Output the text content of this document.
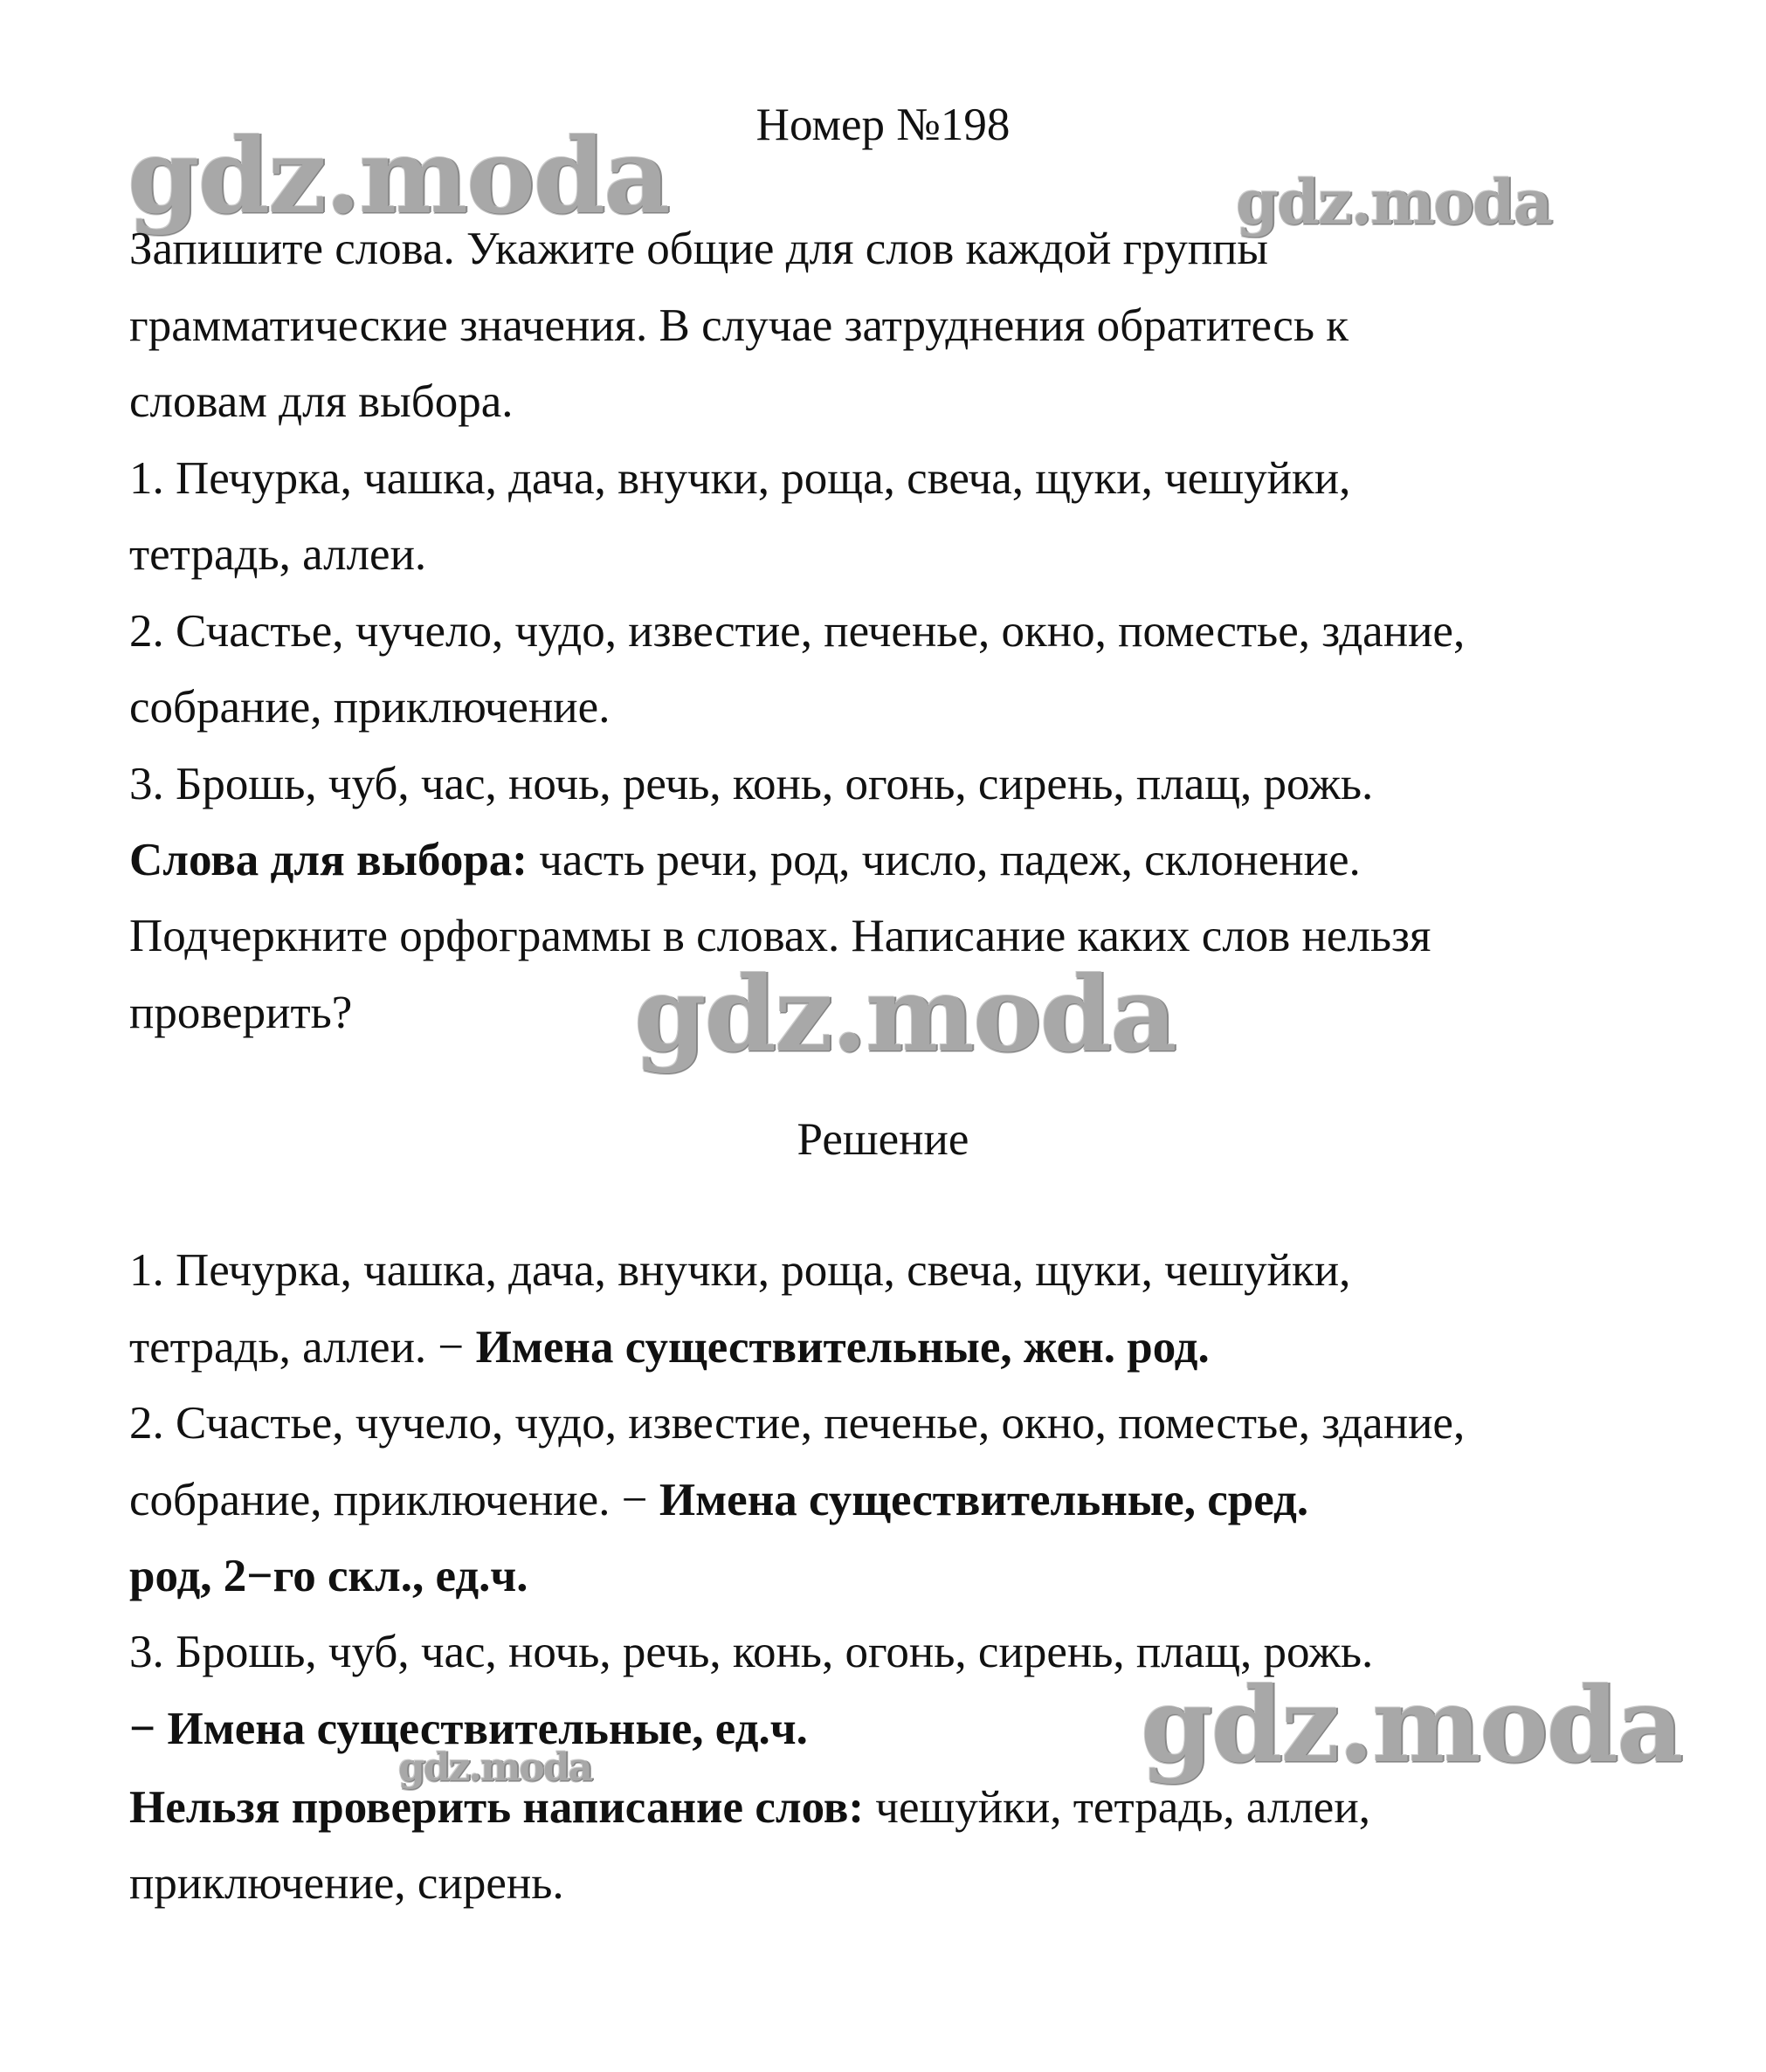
gdz.moda	gdz.moda
gdz.moda
gdz.moda
gdz.moda
Номер №198
Запишите слова. Укажите общие для слов каждой группы
грамматические значения. В случае затруднения обратитесь к
словам для выбора.
1. Печурка, чашка, дача, внучки, роща, свеча, щуки, чешуйки,
тетрадь, аллеи.
2. Счастье, чучело, чудо, известие, печенье, окно, поместье, здание,
собрание, приключение.
3. Брошь, чуб, час, ночь, речь, конь, огонь, сирень, плащ, рожь.
Слова для выбора: часть речи, род, число, падеж, склонение.
Подчеркните орфограммы в словах. Написание каких слов нельзя
проверить?
Решение
1. Печурка, чашка, дача, внучки, роща, свеча, щуки, чешуйки,
тетрадь, аллеи. − Имена существительные, жен. род.
2. Счастье, чучело, чудо, известие, печенье, окно, поместье, здание,
собрание, приключение. − Имена существительные, сред.
род, 2−го скл., ед.ч.
3. Брошь, чуб, час, ночь, речь, конь, огонь, сирень, плащ, рожь.
− Имена существительные, ед.ч.
Нельзя проверить написание слов: чешуйки, тетрадь, аллеи,
приключение, сирень.
